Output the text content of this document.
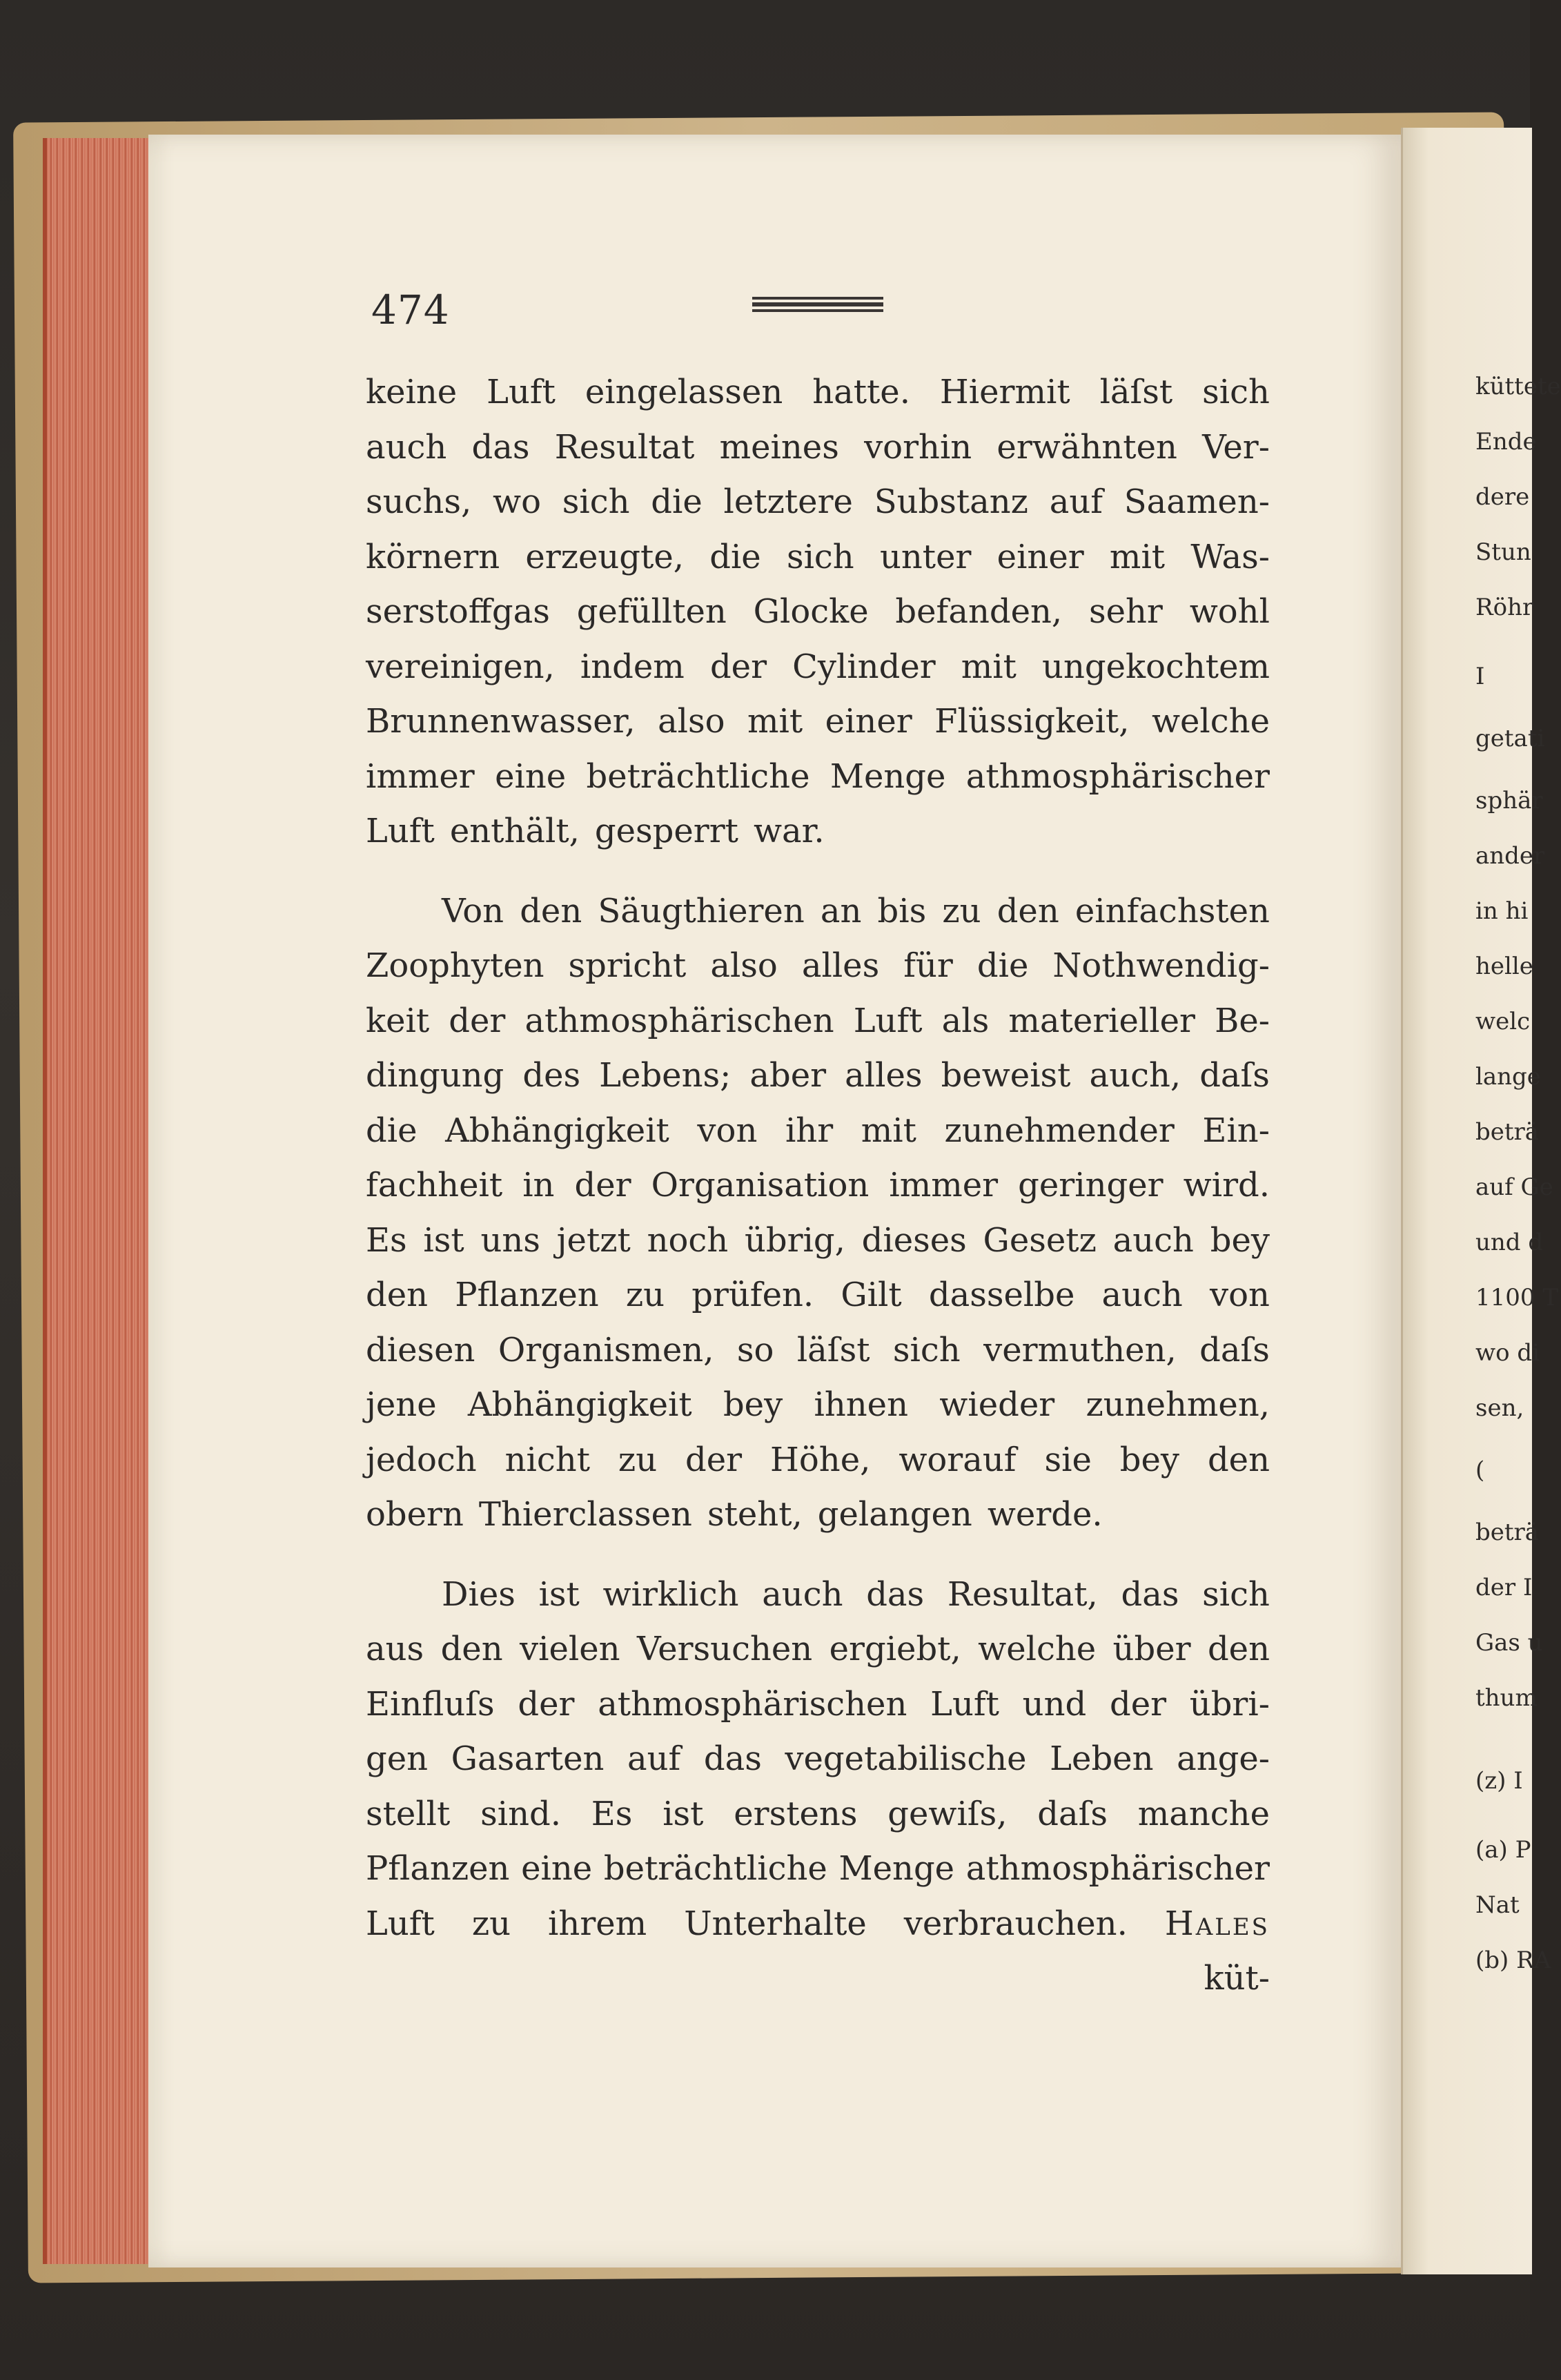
474
keine Luft eingelassen hatte. Hiermit läſst sich
auch das Resultat meines vorhin erwähnten Ver-
suchs, wo sich die letztere Substanz auf Saamen-
körnern erzeugte, die sich unter einer mit Was-
serstoffgas gefüllten Glocke befanden, sehr wohl
vereinigen, indem der Cylinder mit ungekochtem
Brunnenwasser, also mit einer Flüssigkeit, welche
immer eine beträchtliche Menge athmosphärischer
Luft enthält, gesperrt war.
Von den Säugthieren an bis zu den einfachsten
Zoophyten spricht also alles für die Nothwendig-
keit der athmosphärischen Luft als materieller Be-
dingung des Lebens; aber alles beweist auch, daſs
die Abhängigkeit von ihr mit zunehmender Ein-
fachheit in der Organisation immer geringer wird.
Es ist uns jetzt noch übrig, dieses Gesetz auch bey
den Pflanzen zu prüfen. Gilt dasselbe auch von
diesen Organismen, so läſst sich vermuthen, daſs
jene Abhängigkeit bey ihnen wieder zunehmen,
jedoch nicht zu der Höhe, worauf sie bey den
obern Thierclassen steht, gelangen werde.
Dies ist wirklich auch das Resultat, das sich
aus den vielen Versuchen ergiebt, welche über den
Einfluſs der athmosphärischen Luft und der übri-
gen Gasarten auf das vegetabilische Leben ange-
stellt sind. Es ist erstens gewiſs, daſs manche
Pflanzen eine beträchtliche Menge athmosphärischer
Luft zu ihrem Unterhalte verbrauchen. Hales
küt-
küttete
Ende
dere
Stun
Röhr
I
getati
sphär
ander
in hi
helle
welc
lange
beträ
auf Ge
und d
1100 T
wo di
sen,
(
beträ
der I
Gas u
thum
(z) I
(a) P
Nat
(b) RA
